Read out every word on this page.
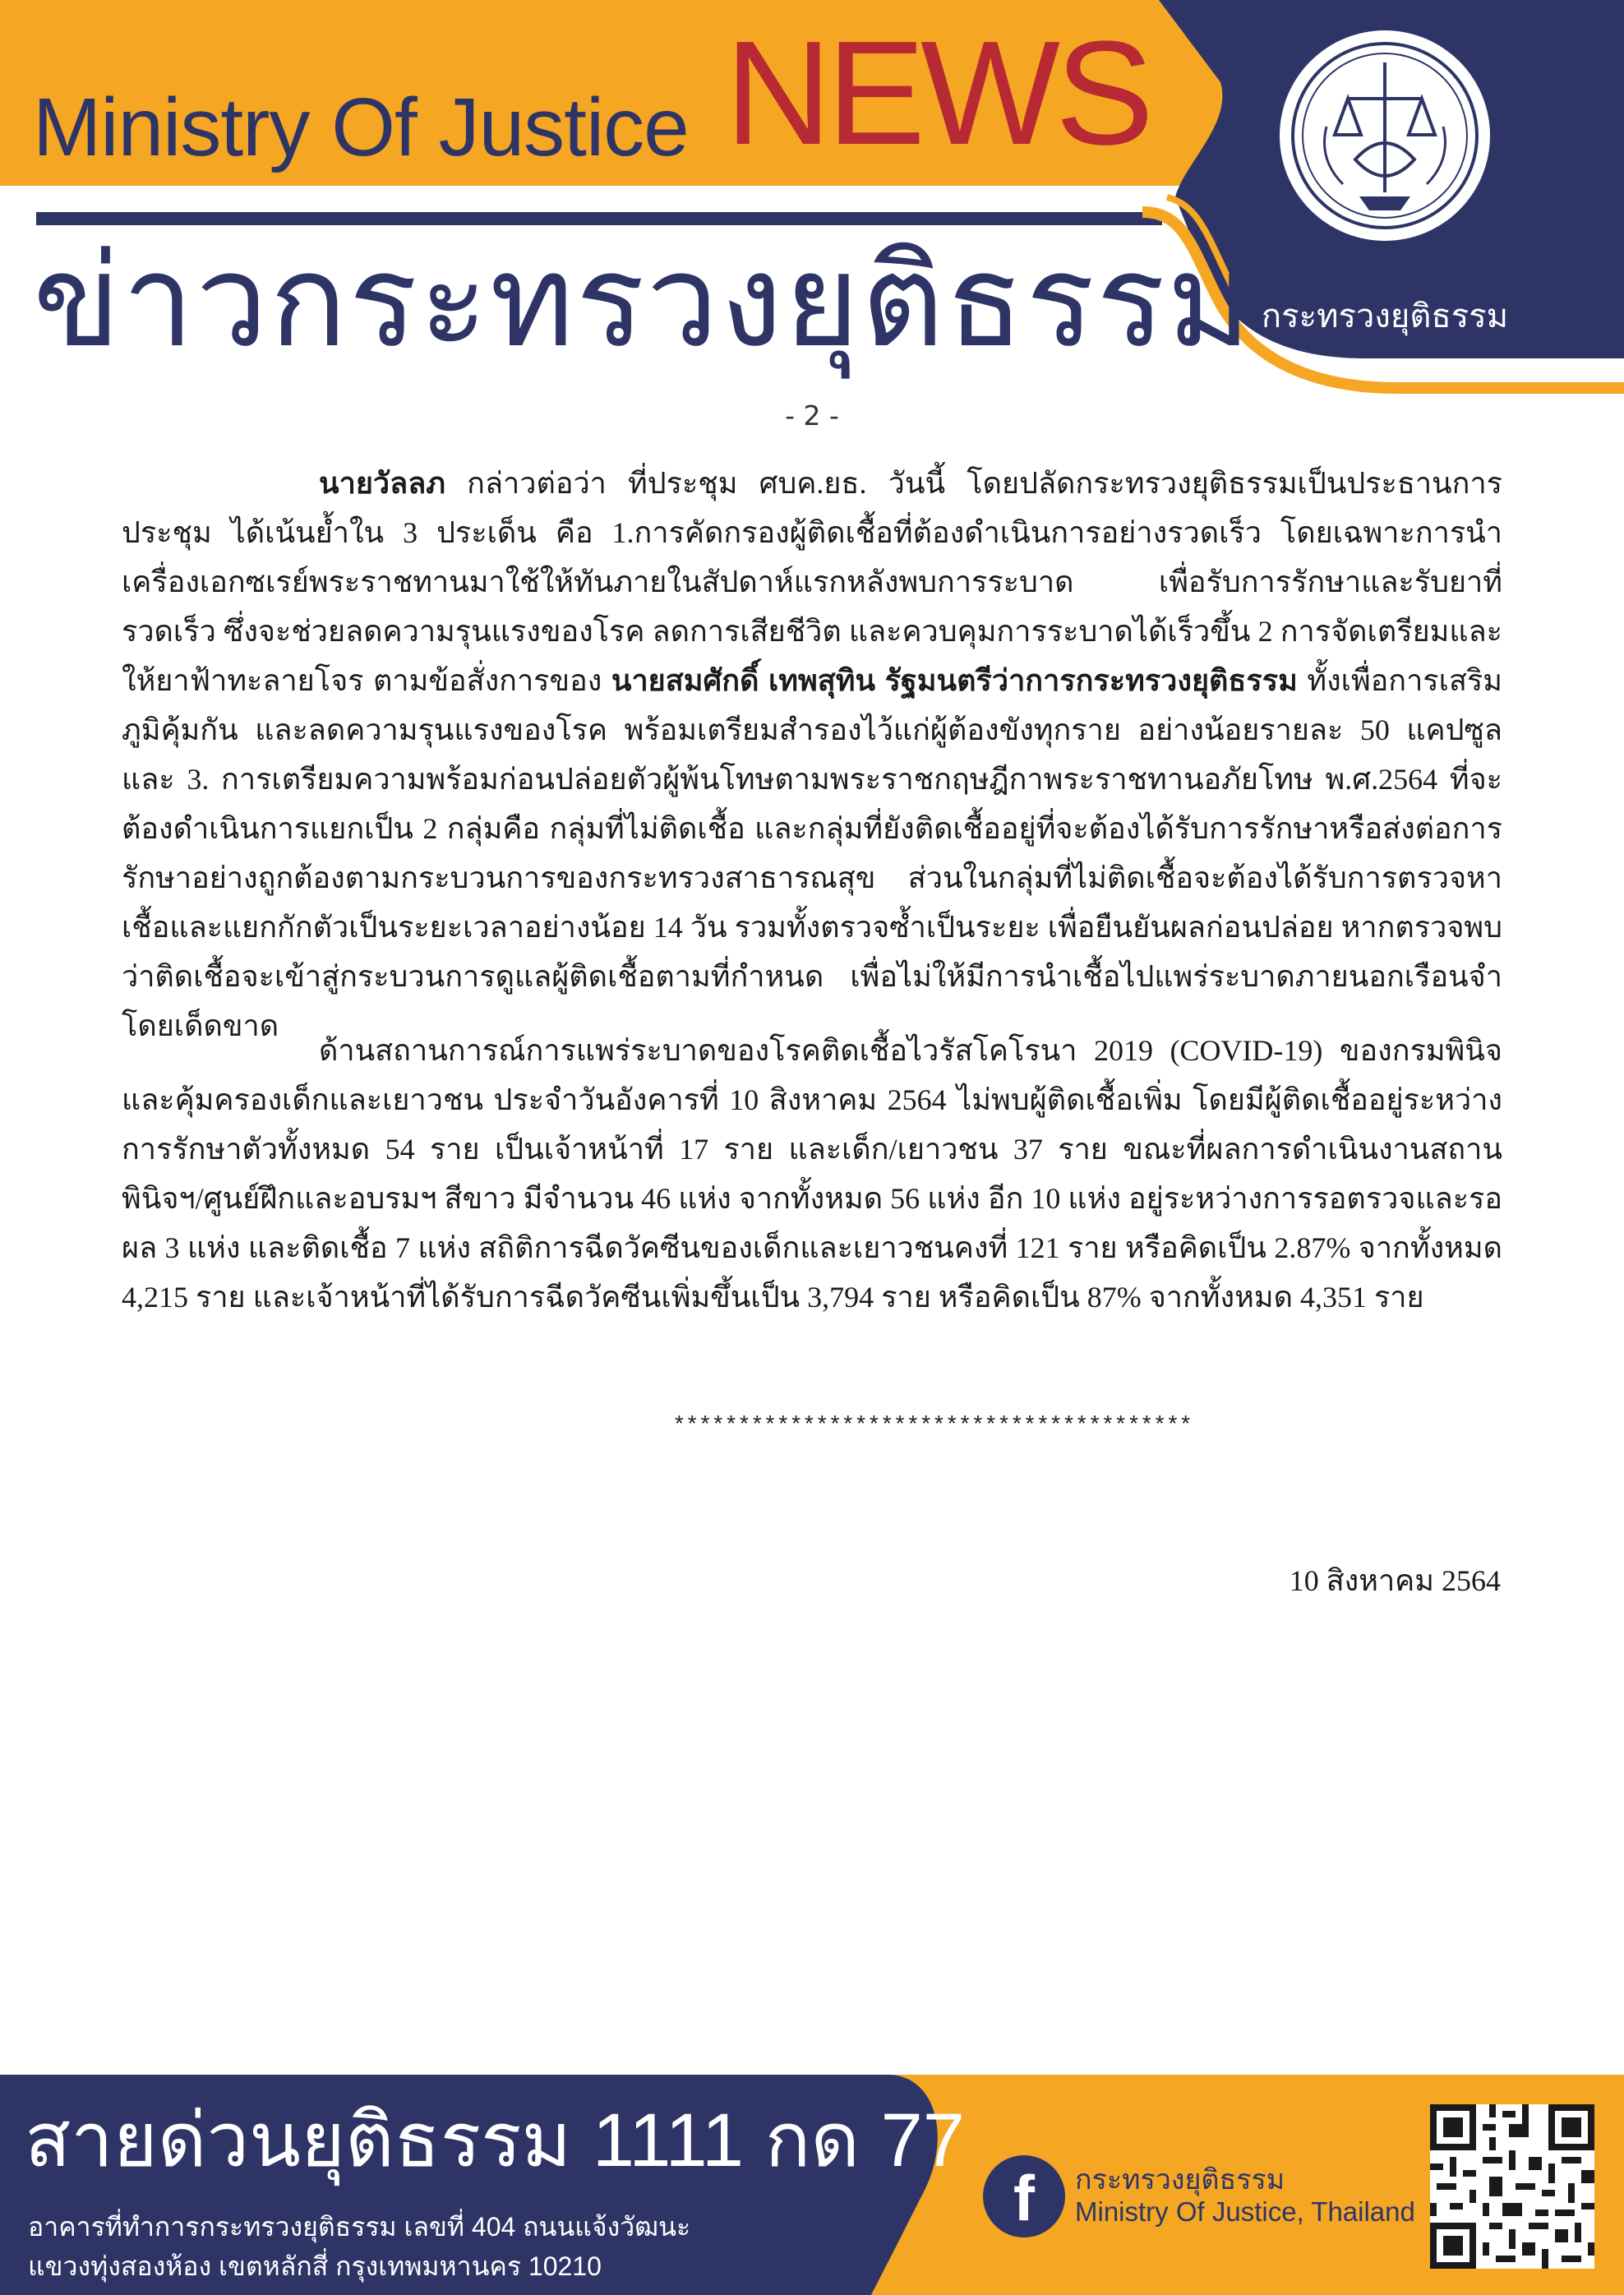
Ministry Of Justice NEWS
ข่าวกระทรวงยุติธรรม กระทรวงยุติธรรม
- 2 -

นายวัลลภ กล่าวต่อว่า ที่ประชุม ศบค.ยธ. วันนี้ โดยปลัดกระทรวงยุติธรรมเป็นประธานการประชุม ได้เน้นย้ำใน 3 ประเด็น คือ 1.การคัดกรองผู้ติดเชื้อที่ต้องดำเนินการอย่างรวดเร็ว โดยเฉพาะการนำเครื่องเอกซเรย์พระราชทานมาใช้ให้ทันภายในสัปดาห์แรกหลังพบการระบาด เพื่อรับการรักษาและรับยาที่รวดเร็ว ซึ่งจะช่วยลดความรุนแรงของโรค ลดการเสียชีวิต และควบคุมการระบาดได้เร็วขึ้น 2 การจัดเตรียมและให้ยาฟ้าทะลายโจร ตามข้อสั่งการของ นายสมศักดิ์ เทพสุทิน รัฐมนตรีว่าการกระทรวงยุติธรรม ทั้งเพื่อการเสริมภูมิคุ้มกัน และลดความรุนแรงของโรค พร้อมเตรียมสำรองไว้แก่ผู้ต้องขังทุกราย อย่างน้อยรายละ 50 แคปซูล และ 3. การเตรียมความพร้อมก่อนปล่อยตัวผู้พ้นโทษตามพระราชกฤษฎีกาพระราชทานอภัยโทษ พ.ศ.2564 ที่จะต้องดำเนินการแยกเป็น 2 กลุ่มคือ กลุ่มที่ไม่ติดเชื้อ และกลุ่มที่ยังติดเชื้ออยู่ที่จะต้องได้รับการรักษาหรือส่งต่อการรักษาอย่างถูกต้องตามกระบวนการของกระทรวงสาธารณสุข ส่วนในกลุ่มที่ไม่ติดเชื้อจะต้องได้รับการตรวจหาเชื้อและแยกกักตัวเป็นระยะเวลาอย่างน้อย 14 วัน รวมทั้งตรวจซ้ำเป็นระยะ เพื่อยืนยันผลก่อนปล่อย หากตรวจพบว่าติดเชื้อจะเข้าสู่กระบวนการดูแลผู้ติดเชื้อตามที่กำหนด เพื่อไม่ให้มีการนำเชื้อไปแพร่ระบาดภายนอกเรือนจำโดยเด็ดขาด

ด้านสถานการณ์การแพร่ระบาดของโรคติดเชื้อไวรัสโคโรนา 2019 (COVID-19) ของกรมพินิจและคุ้มครองเด็กและเยาวชน ประจำวันอังคารที่ 10 สิงหาคม 2564 ไม่พบผู้ติดเชื้อเพิ่ม โดยมีผู้ติดเชื้ออยู่ระหว่างการรักษาตัวทั้งหมด 54 ราย เป็นเจ้าหน้าที่ 17 ราย และเด็ก/เยาวชน 37 ราย ขณะที่ผลการดำเนินงานสถานพินิจฯ/ศูนย์ฝึกและอบรมฯ สีขาว มีจำนวน 46 แห่ง จากทั้งหมด 56 แห่ง อีก 10 แห่ง อยู่ระหว่างการรอตรวจและรอผล 3 แห่ง และติดเชื้อ 7 แห่ง สถิติการฉีดวัคซีนของเด็กและเยาวชนคงที่ 121 ราย หรือคิดเป็น 2.87% จากทั้งหมด 4,215 ราย และเจ้าหน้าที่ได้รับการฉีดวัคซีนเพิ่มขึ้นเป็น 3,794 ราย หรือคิดเป็น 87% จากทั้งหมด 4,351 ราย

****************************************
10 สิงหาคม 2564
สายด่วนยุติธรรม 1111 กด 77
อาคารที่ทำการกระทรวงยุติธรรม เลขที่ 404 ถนนแจ้งวัฒนะ
แขวงทุ่งสองห้อง เขตหลักสี่ กรุงเทพมหานคร 10210
f	กระทรวงยุติธรรม
Ministry Of Justice, Thailand
